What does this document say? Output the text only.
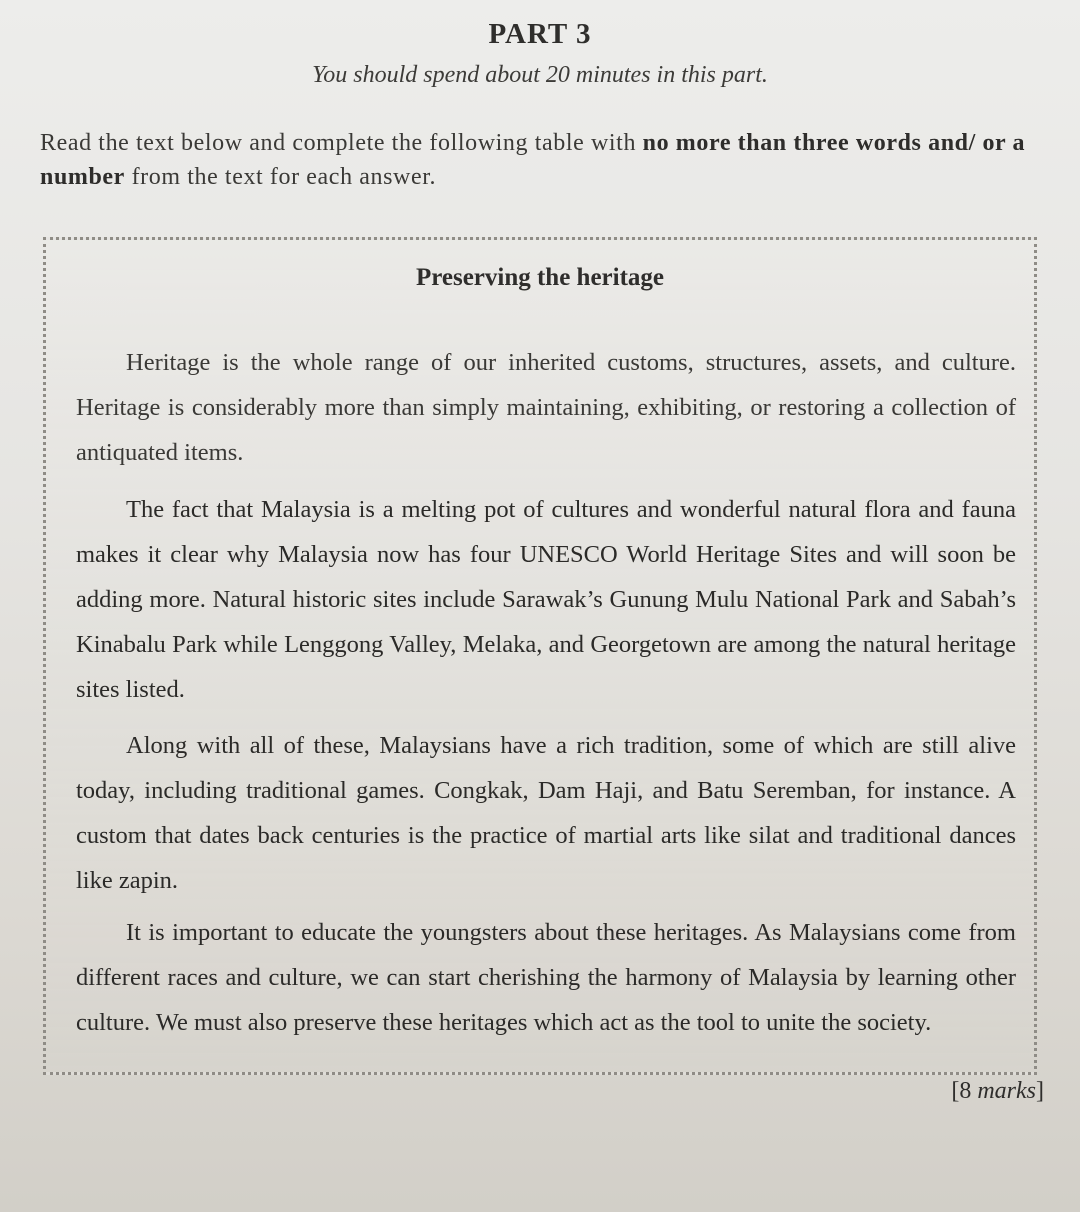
PART 3
You should spend about 20 minutes in this part.
Read the text below and complete the following table with no more than three words and/ or a number from the text for each answer.
Preserving the heritage

Heritage is the whole range of our inherited customs, structures, assets, and culture. Heritage is considerably more than simply maintaining, exhibiting, or restoring a collection of antiquated items.

The fact that Malaysia is a melting pot of cultures and wonderful natural flora and fauna makes it clear why Malaysia now has four UNESCO World Heritage Sites and will soon be adding more. Natural historic sites include Sarawak’s Gunung Mulu National Park and Sabah’s Kinabalu Park while Lenggong Valley, Melaka, and Georgetown are among the natural heritage sites listed.

Along with all of these, Malaysians have a rich tradition, some of which are still alive today, including traditional games. Congkak, Dam Haji, and Batu Seremban, for instance. A custom that dates back centuries is the practice of martial arts like silat and traditional dances like zapin.

It is important to educate the youngsters about these heritages. As Malaysians come from different races and culture, we can start cherishing the harmony of Malaysia by learning other culture. We must also preserve these heritages which act as the tool to unite the society.

[8 marks]
